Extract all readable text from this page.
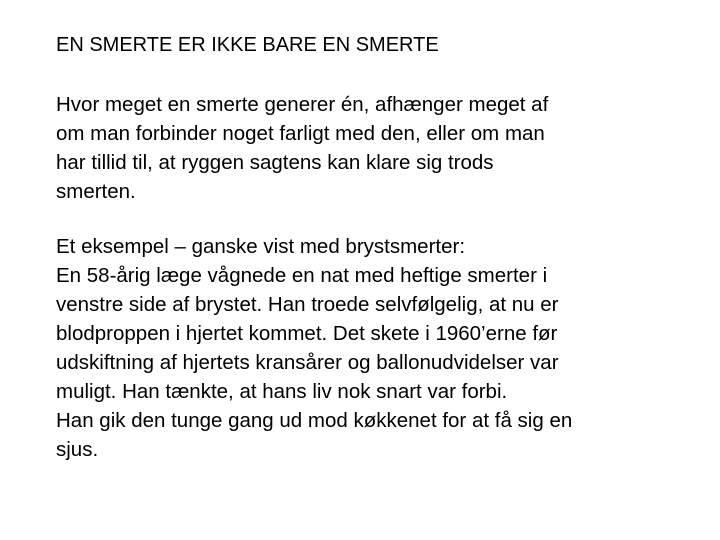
EN SMERTE ER IKKE BARE EN SMERTE
Hvor meget en smerte generer én, afhænger meget af
om man forbinder noget farligt med den, eller om man
har tillid til, at ryggen sagtens kan klare sig trods
smerten.
Et eksempel – ganske vist med brystsmerter:
En 58-årig læge vågnede en nat med heftige smerter i
venstre side af brystet. Han troede selvfølgelig, at nu er
blodproppen i hjertet kommet. Det skete i 1960’erne før
udskiftning af hjertets kransårer og ballonudvidelser var
muligt. Han tænkte, at hans liv nok snart var forbi.
Han gik den tunge gang ud mod køkkenet for at få sig en
sjus.
